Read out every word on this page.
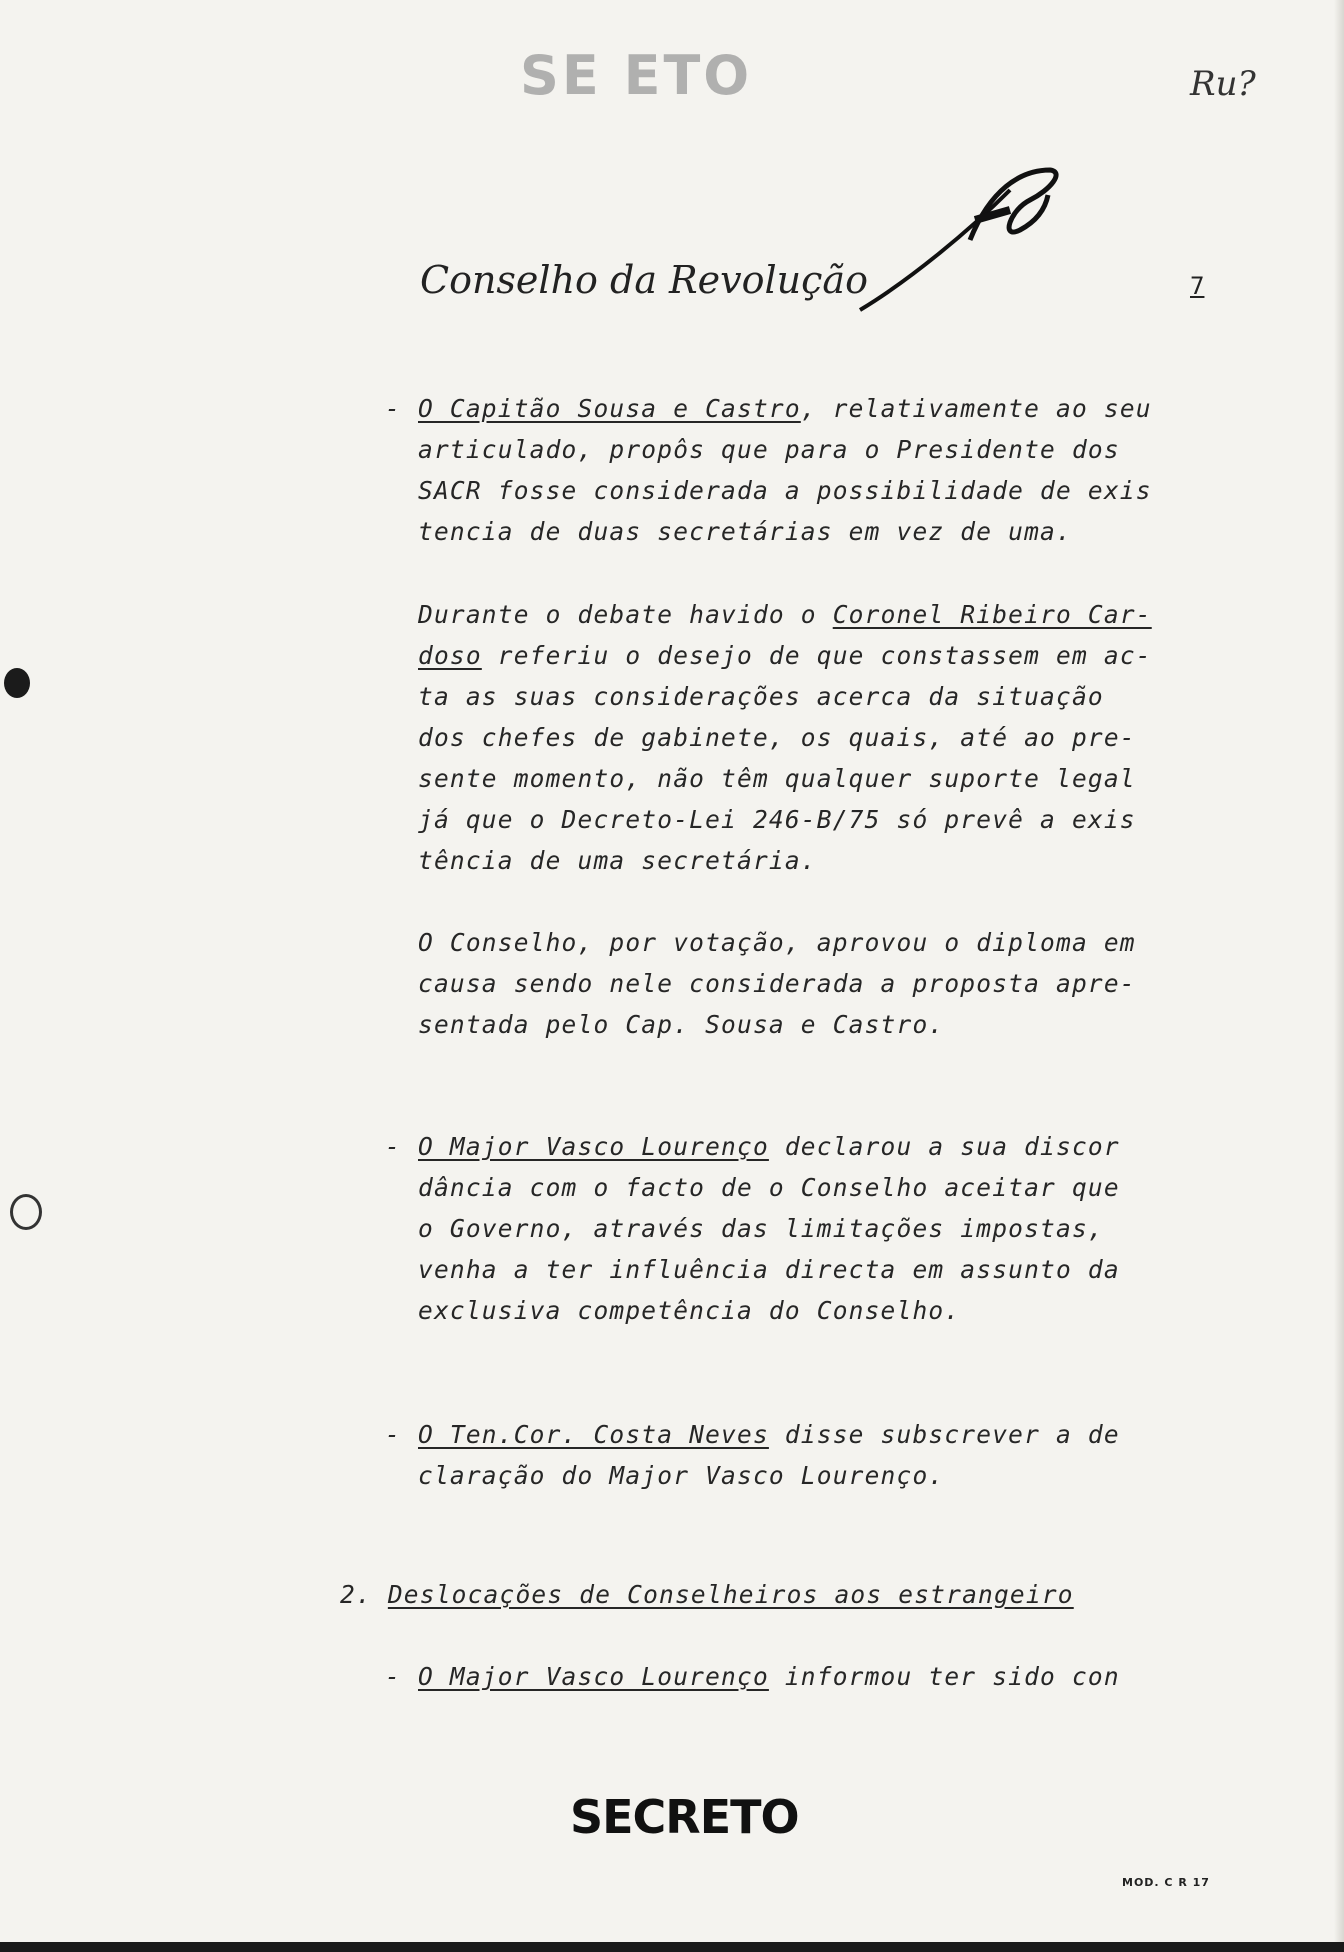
SE ETO	Ru?
Conselho da Revolução	7
- O Capitão Sousa e Castro, relativamente ao seu
articulado, propôs que para o Presidente dos
SACR fosse considerada a possibilidade de exis
tencia de duas secretárias em vez de uma.
Durante o debate havido o Coronel Ribeiro Car-
doso referiu o desejo de que constassem em ac-
ta as suas considerações acerca da situação
dos chefes de gabinete, os quais, até ao pre-
sente momento, não têm qualquer suporte legal
já que o Decreto-Lei 246-B/75 só prevê a exis
tência de uma secretária.
O Conselho, por votação, aprovou o diploma em
causa sendo nele considerada a proposta apre-
sentada pelo Cap. Sousa e Castro.
- O Major Vasco Lourenço declarou a sua discor
dância com o facto de o Conselho aceitar que
o Governo, através das limitações impostas,
venha a ter influência directa em assunto da
exclusiva competência do Conselho.
- O Ten.Cor. Costa Neves disse subscrever a de
claração do Major Vasco Lourenço.
2. Deslocações de Conselheiros aos estrangeiro
- O Major Vasco Lourenço informou ter sido con
SECRETO
MOD. C R 17
